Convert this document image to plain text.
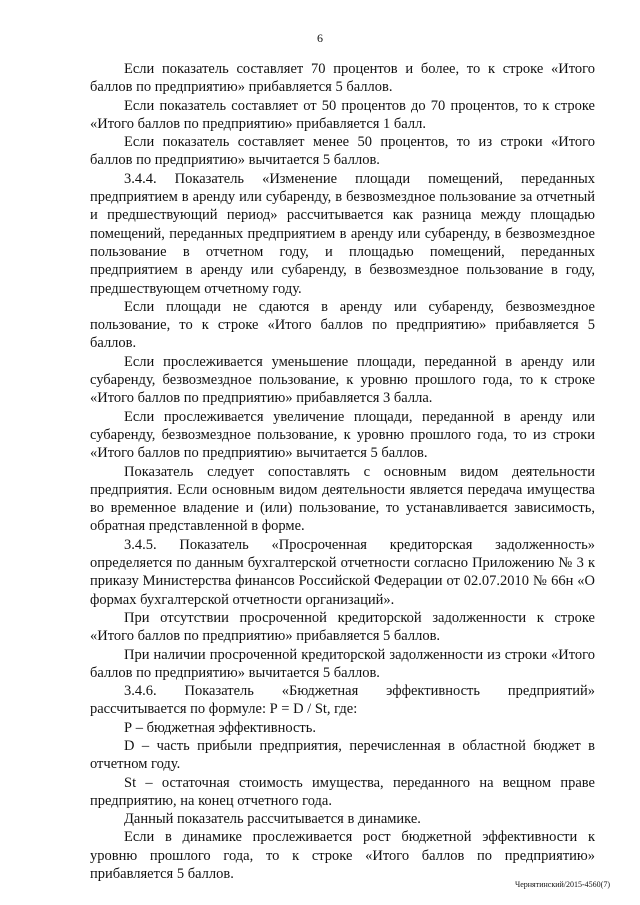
6

Если показатель составляет 70 процентов и более, то к строке «Итого баллов по предприятию» прибавляется 5 баллов.

Если показатель составляет от 50 процентов до 70 процентов, то к строке «Итого баллов по предприятию» прибавляется 1 балл.

Если показатель составляет менее 50 процентов, то из строки «Итого баллов по предприятию» вычитается 5 баллов.

3.4.4. Показатель «Изменение площади помещений, переданных предприятием в аренду или субаренду, в безвозмездное пользование за отчетный и предшествующий период» рассчитывается как разница между площадью помещений, переданных предприятием в аренду или субаренду, в безвозмездное пользование в отчетном году, и площадью помещений, переданных предприятием в аренду или субаренду, в безвозмездное пользование в году, предшествующем отчетному году.

Если площади не сдаются в аренду или субаренду, безвозмездное пользование, то к строке «Итого баллов по предприятию» прибавляется 5 баллов.

Если прослеживается уменьшение площади, переданной в аренду или субаренду, безвозмездное пользование, к уровню прошлого года, то к строке «Итого баллов по предприятию» прибавляется 3 балла.

Если прослеживается увеличение площади, переданной в аренду или субаренду, безвозмездное пользование, к уровню прошлого года, то из строки «Итого баллов по предприятию» вычитается 5 баллов.

Показатель следует сопоставлять с основным видом деятельности предприятия. Если основным видом деятельности является передача имущества во временное владение и (или) пользование, то устанавливается зависимость, обратная представленной в форме.

3.4.5. Показатель «Просроченная кредиторская задолженность» определяется по данным бухгалтерской отчетности согласно Приложению № 3 к приказу Министерства финансов Российской Федерации от 02.07.2010 № 66н «О формах бухгалтерской отчетности организаций».

При отсутствии просроченной кредиторской задолженности к строке «Итого баллов по предприятию» прибавляется 5 баллов.

При наличии просроченной кредиторской задолженности из строки «Итого баллов по предприятию» вычитается 5 баллов.

3.4.6. Показатель «Бюджетная эффективность предприятий» рассчитывается по формуле: Р = D / St, где:

Р – бюджетная эффективность.

D – часть прибыли предприятия, перечисленная в областной бюджет в отчетном году.

St – остаточная стоимость имущества, переданного на вещном праве предприятию, на конец отчетного года.

Данный показатель рассчитывается в динамике.

Если в динамике прослеживается рост бюджетной эффективности к уровню прошлого года, то к строке «Итого баллов по предприятию» прибавляется 5 баллов.

Чернятинский/2015-4560(7)
